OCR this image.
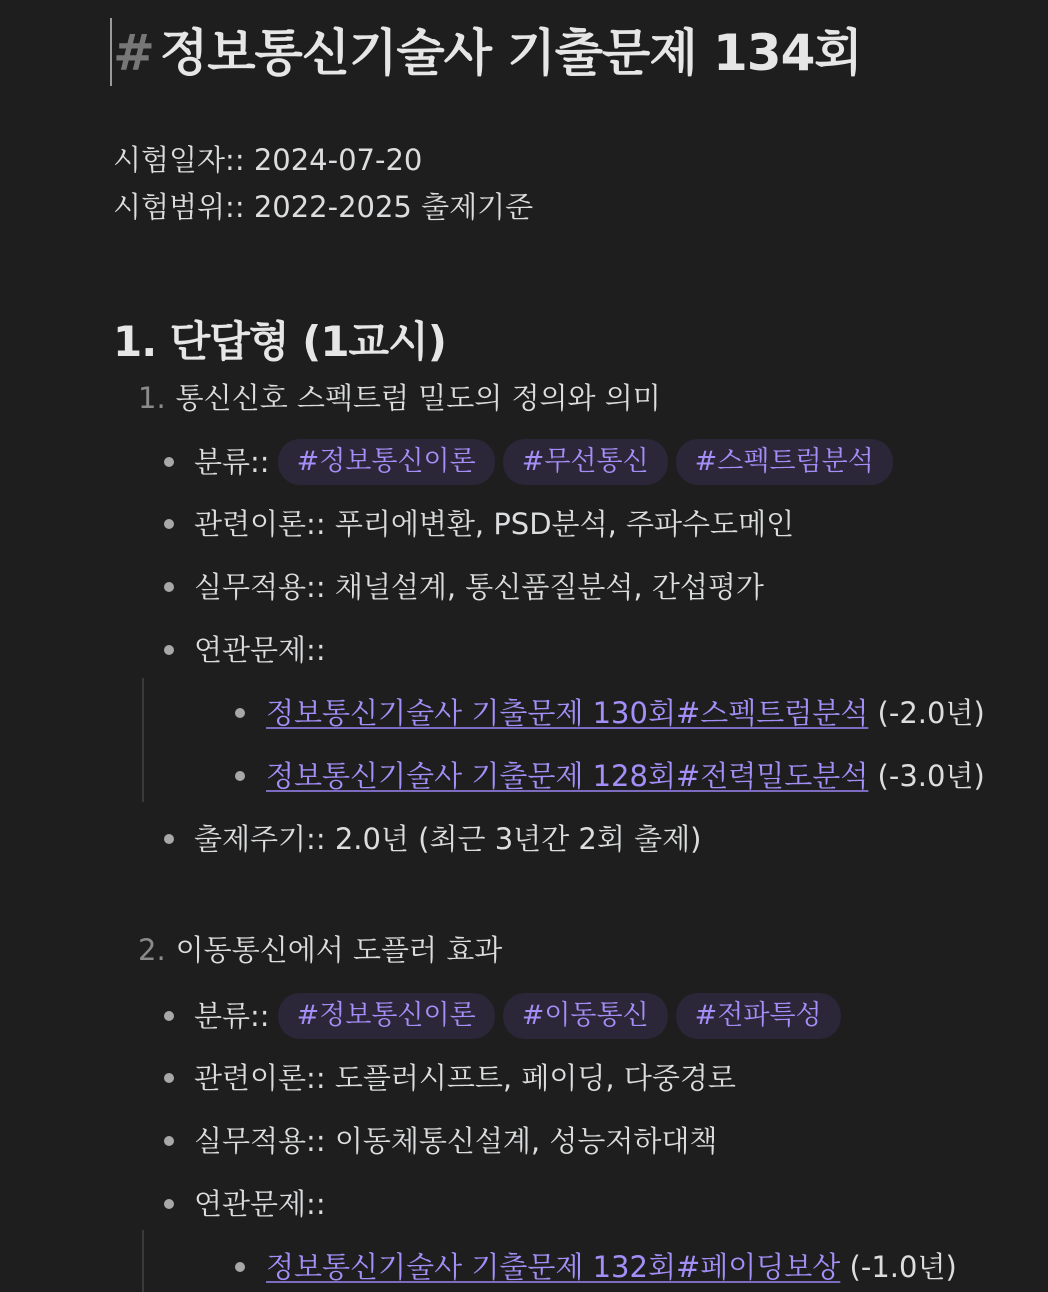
# 정보통신기술사 기출문제 134회
시험일자:: 2024-07-20
시험범위:: 2022-2025 출제기준
1. 단답형 (1교시)
1. 통신신호 스펙트럼 밀도의 정의와 의미
분류::	#정보통신이론	#무선통신	#스펙트럼분석
관련이론:: 푸리에변환, PSD분석, 주파수도메인
실무적용:: 채널설계, 통신품질분석, 간섭평가
연관문제::
정보통신기술사 기출문제 130회#스펙트럼분석 (-2.0년)
정보통신기술사 기출문제 128회#전력밀도분석 (-3.0년)
출제주기:: 2.0년 (최근 3년간 2회 출제)
2. 이동통신에서 도플러 효과
분류::	#정보통신이론	#이동통신	#전파특성
관련이론:: 도플러시프트, 페이딩, 다중경로
실무적용:: 이동체통신설계, 성능저하대책
연관문제::
정보통신기술사 기출문제 132회#페이딩보상 (-1.0년)
